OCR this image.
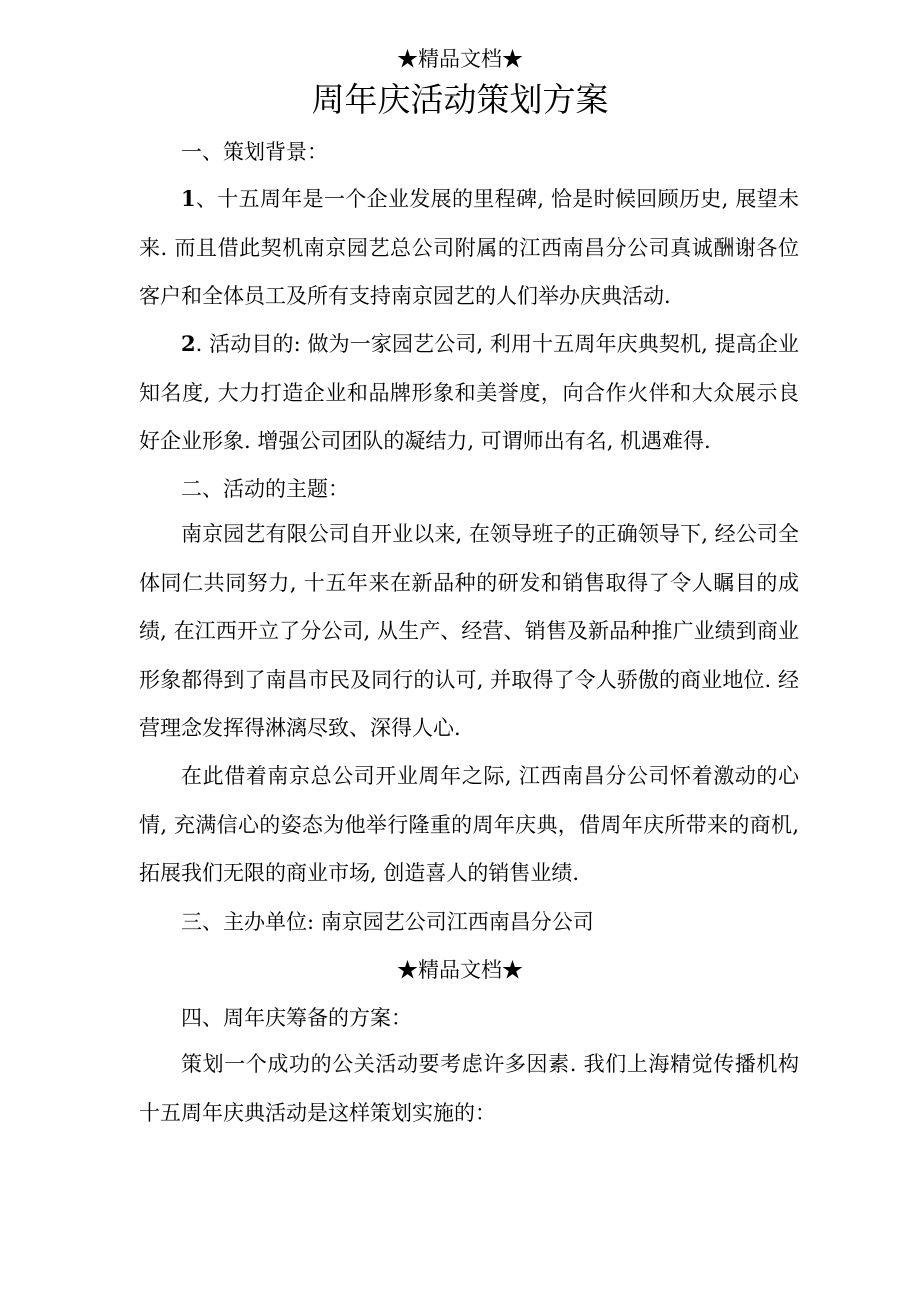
★精品文档★

周年庆活动策划方案

一、策划背景：

1、十五周年是一个企业发展的里程碑, 恰是时候回顾历史, 展望未来. 而且借此契机南京园艺总公司附属的江西南昌分公司真诚酬谢各位客户和全体员工及所有支持南京园艺的人们举办庆典活动.

2. 活动目的: 做为一家园艺公司, 利用十五周年庆典契机, 提高企业知名度, 大力打造企业和品牌形象和美誉度，向合作火伴和大众展示良好企业形象. 增强公司团队的凝结力, 可谓师出有名, 机遇难得.

二、活动的主题：

南京园艺有限公司自开业以来, 在领导班子的正确领导下, 经公司全体同仁共同努力, 十五年来在新品种的研发和销售取得了令人瞩目的成绩, 在江西开立了分公司, 从生产、经营、销售及新品种推广业绩到商业形象都得到了南昌市民及同行的认可, 并取得了令人骄傲的商业地位. 经营理念发挥得淋漓尽致、深得人心.

在此借着南京总公司开业周年之际, 江西南昌分公司怀着激动的心情, 充满信心的姿态为他举行隆重的周年庆典，借周年庆所带来的商机, 拓展我们无限的商业市场, 创造喜人的销售业绩.

三、主办单位: 南京园艺公司江西南昌分公司

★精品文档★

四、周年庆筹备的方案：

策划一个成功的公关活动要考虑许多因素. 我们上海精觉传播机构十五周年庆典活动是这样策划实施的：
